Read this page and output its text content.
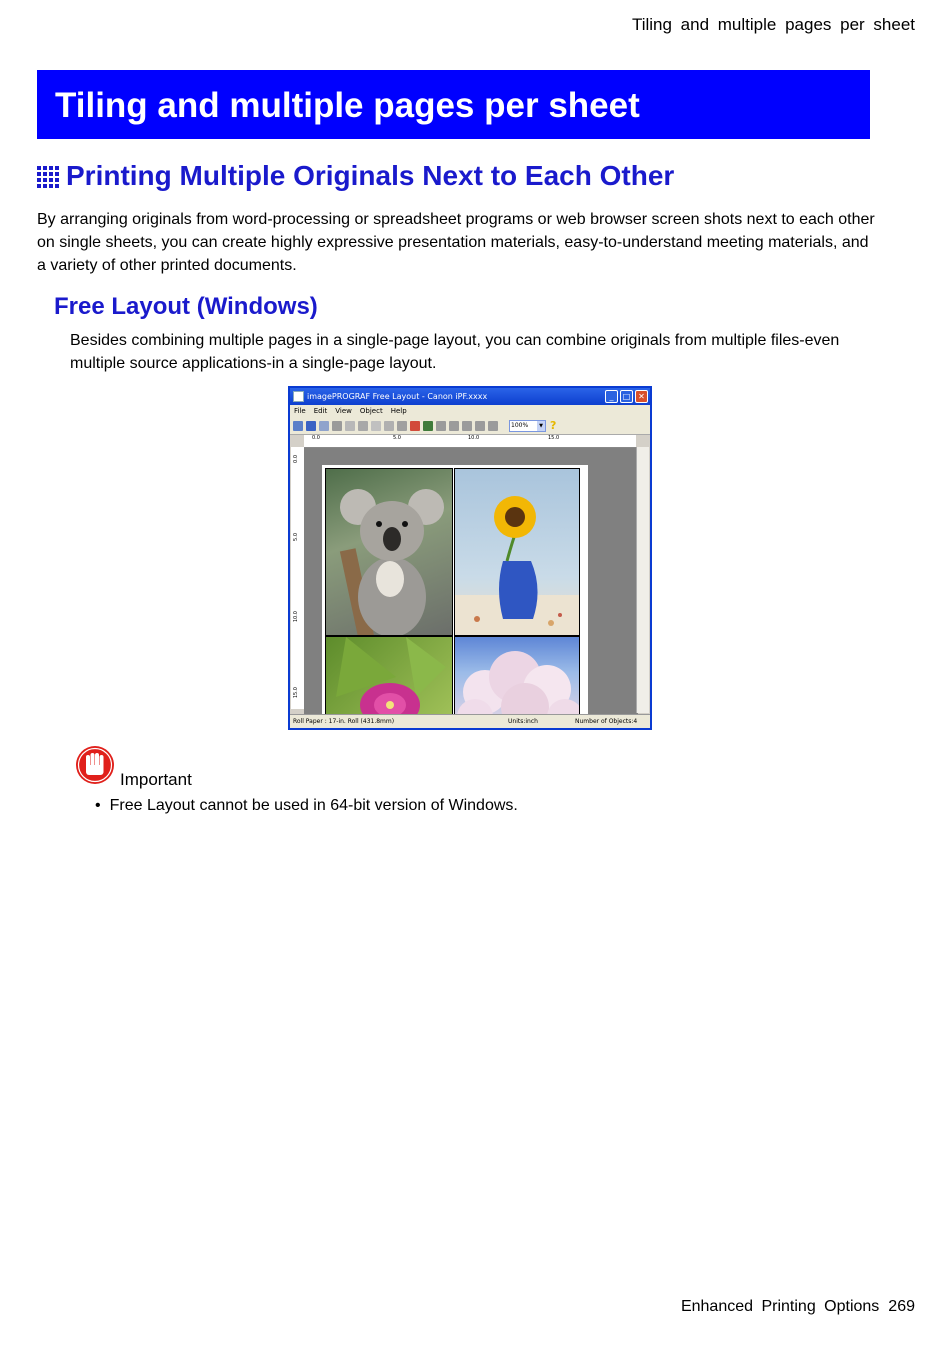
Tiling and multiple pages per sheet
Tiling and multiple pages per sheet
Printing Multiple Originals Next to Each Other

By arranging originals from word-processing or spreadsheet programs or web browser screen shots next to each other on single sheets, you can create highly expressive presentation materials, easy-to-understand meeting materials, and a variety of other printed documents.

Free Layout (Windows)

Besides combining multiple pages in a single-page layout, you can combine originals from multiple files-even multiple source applications-in a single-page layout.

imagePROGRAF Free Layout - Canon iPF.xxxx	_	□ ✕
File Edit View Object Help
100%	▼ ?
0.0	5.0	10.0	15.0
0.0
5.0
10.0
15.0
Roll Paper : 17-in. Roll (431.8mm)	Units:inch	Number of Objects:4
Important
• Free Layout cannot be used in 64-bit version of Windows.
Enhanced Printing Options 269
